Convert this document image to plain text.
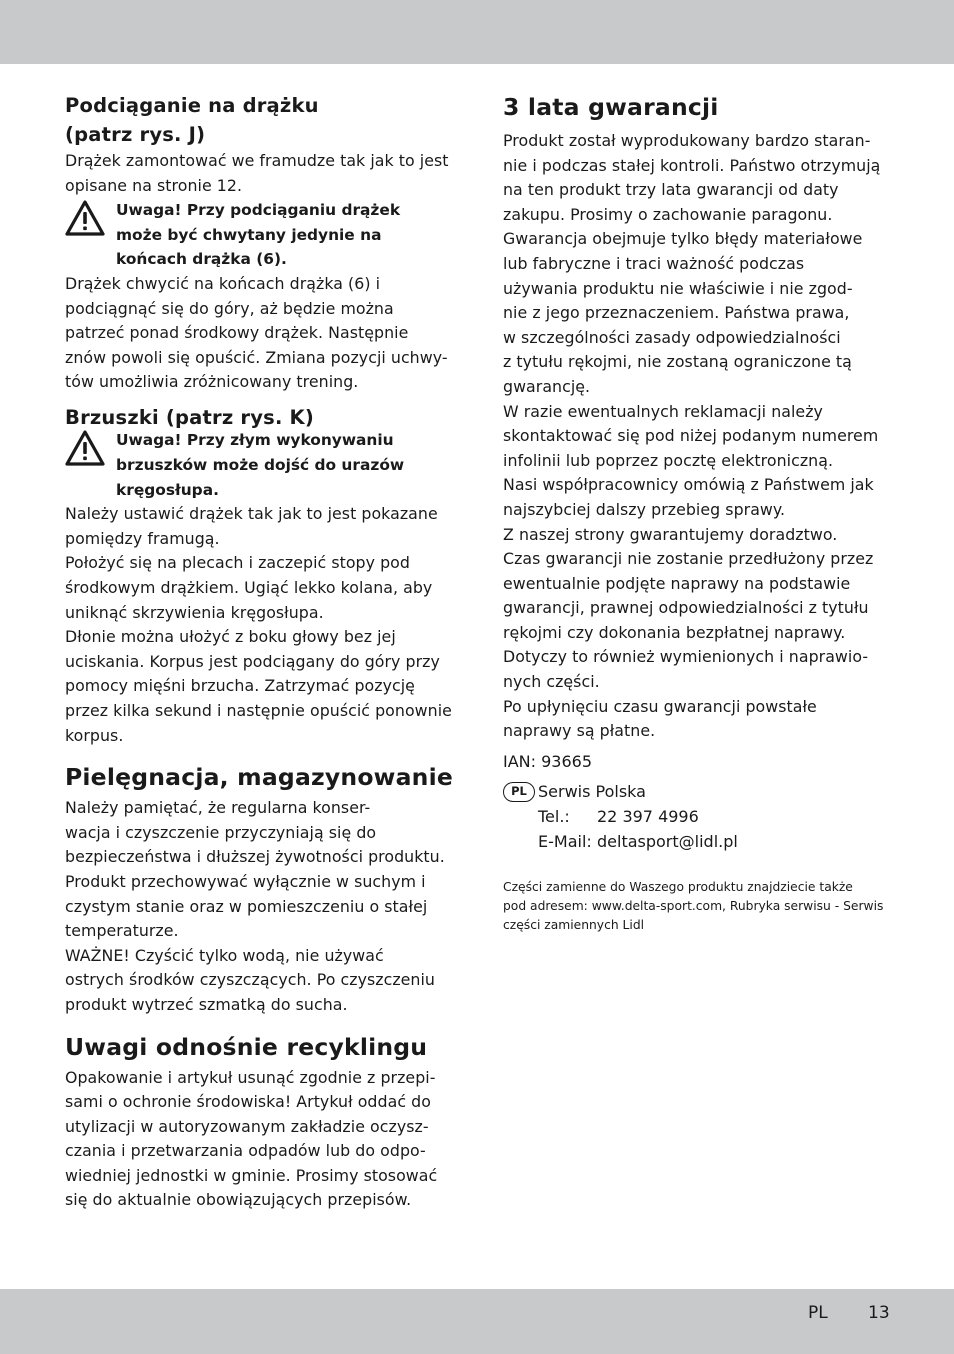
Podciąganie na drążku
(patrz rys. J)
Drążek zamontować we framudze tak jak to jest
opisane na stronie 12.
Uwaga! Przy podciąganiu drążek
może być chwytany jedynie na
końcach drążka (6).
Drążek chwycić na końcach drążka (6) i
podciągnąć się do góry, aż będzie można
patrzeć ponad środkowy drążek. Następnie
znów powoli się opuścić. Zmiana pozycji uchwy-
tów umożliwia zróżnicowany trening.
Brzuszki (patrz rys. K)
Uwaga! Przy złym wykonywaniu
brzuszków może dojść do urazów
kręgosłupa.
Należy ustawić drążek tak jak to jest pokazane
pomiędzy framugą.
Położyć się na plecach i zaczepić stopy pod
środkowym drążkiem. Ugiąć lekko kolana, aby
uniknąć skrzywienia kręgosłupa.
Dłonie można ułożyć z boku głowy bez jej
uciskania. Korpus jest podciągany do góry przy
pomocy mięśni brzucha. Zatrzymać pozycję
przez kilka sekund i następnie opuścić ponownie
korpus.
Pielęgnacja, magazynowanie
Należy pamiętać, że regularna konser-
wacja i czyszczenie przyczyniają się do
bezpieczeństwa i dłuższej żywotności produktu.
Produkt przechowywać wyłącznie w suchym i
czystym stanie oraz w pomieszczeniu o stałej
temperaturze.
WAŻNE! Czyścić tylko wodą, nie używać
ostrych środków czyszczących. Po czyszczeniu
produkt wytrzeć szmatką do sucha.
Uwagi odnośnie recyklingu
Opakowanie i artykuł usunąć zgodnie z przepi-
sami o ochronie środowiska! Artykuł oddać do
utylizacji w autoryzowanym zakładzie oczysz-
czania i przetwarzania odpadów lub do odpo-
wiedniej jednostki w gminie. Prosimy stosować
się do aktualnie obowiązujących przepisów.
3 lata gwarancji
Produkt został wyprodukowany bardzo staran-
nie i podczas stałej kontroli. Państwo otrzymują
na ten produkt trzy lata gwarancji od daty
zakupu. Prosimy o zachowanie paragonu.
Gwarancja obejmuje tylko błędy materiałowe
lub fabryczne i traci ważność podczas
używania produktu nie właściwie i nie zgod-
nie z jego przeznaczeniem. Państwa prawa,
w szczególności zasady odpowiedzialności
z tytułu rękojmi, nie zostaną ograniczone tą
gwarancję.
W razie ewentualnych reklamacji należy
skontaktować się pod niżej podanym numerem
infolinii lub poprzez pocztę elektroniczną.
Nasi współpracownicy omówią z Państwem jak
najszybciej dalszy przebieg sprawy.
Z naszej strony gwarantujemy doradztwo.
Czas gwarancji nie zostanie przedłużony przez
ewentualnie podjęte naprawy na podstawie
gwarancji, prawnej odpowiedzialności z tytułu
rękojmi czy dokonania bezpłatnej naprawy.
Dotyczy to również wymienionych i naprawio-
nych części.
Po upłynięciu czasu gwarancji powstałe
naprawy są płatne.
IAN: 93665
PL Serwis Polska
Tel.: 22 397 4996
E-Mail: deltasport@lidl.pl
Części zamienne do Waszego produktu znajdziecie także
pod adresem: www.delta-sport.com, Rubryka serwisu - Serwis
części zamiennych Lidl
PL 13
